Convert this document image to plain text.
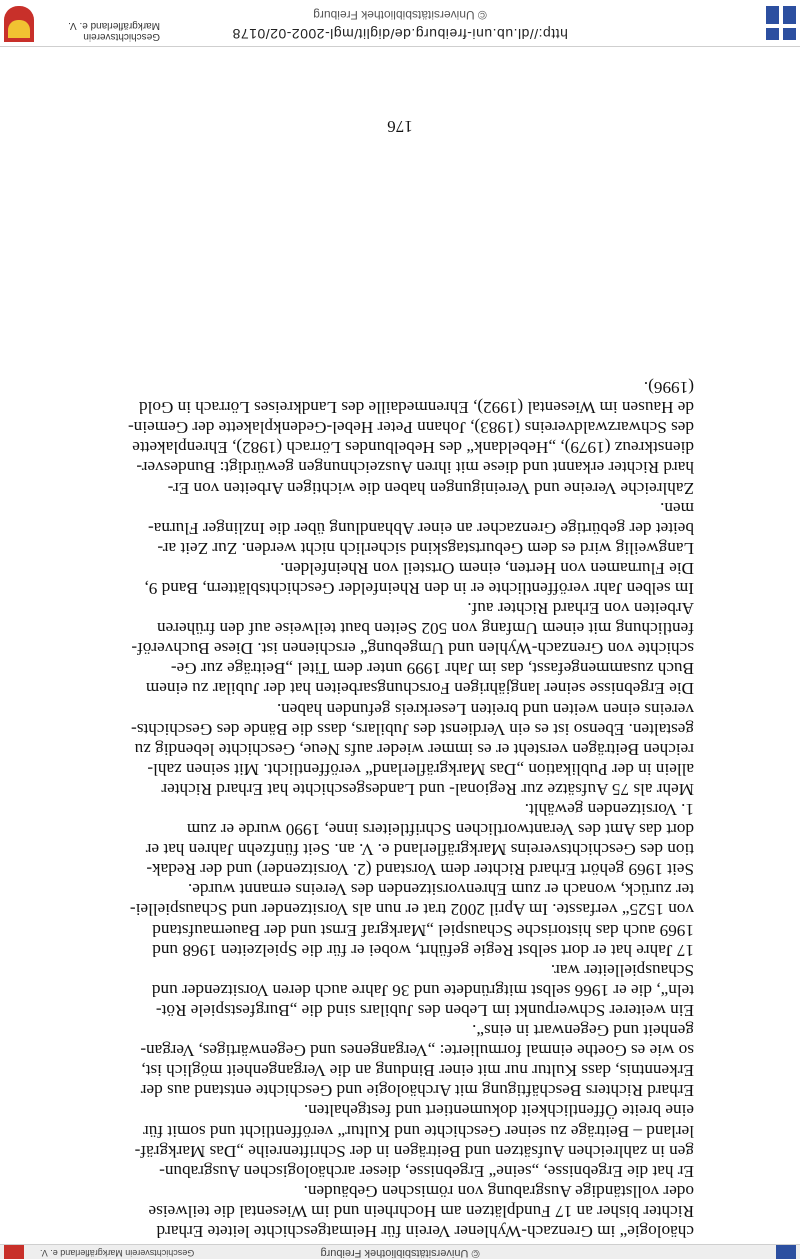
© Universitätsbibliothek Freiburg
Geschichtsverein Markgräflerland e. V.
chäologie“ im Grenzach-Wyhlener Verein für Heimatgeschichte leitete Erhard
Richter bisher an 17 Fundplätzen am Hochrhein und im Wiesental die teilweise
oder vollständige Ausgrabung von römischen Gebäuden.
Er hat die Ergebnisse, „seine“ Ergebnisse, dieser archäologischen Ausgrabun-
gen in zahlreichen Aufsätzen und Beiträgen in der Schriftenreihe „Das Markgräf-
lerland – Beiträge zu seiner Geschichte und Kultur“ veröffentlicht und somit für
eine breite Öffentlichkeit dokumentiert und festgehalten.
Erhard Richters Beschäftigung mit Archäologie und Geschichte entstand aus der
Erkenntnis, dass Kultur nur mit einer Bindung an die Vergangenheit möglich ist,
so wie es Goethe einmal formulierte: „Vergangenes und Gegenwärtiges, Vergan-
genheit und Gegenwart in eins“.
Ein weiterer Schwerpunkt im Leben des Jubilars sind die „Burgfestspiele Röt-
teln“, die er 1966 selbst mitgründete und 36 Jahre auch deren Vorsitzender und
Schauspielleiter war.
17 Jahre hat er dort selbst Regie geführt, wobei er für die Spielzeiten 1968 und
1969 auch das historische Schauspiel „Markgraf Ernst und der Bauernaufstand
von 1525“ verfasste. Im April 2002 trat er nun als Vorsitzender und Schauspiellei-
ter zurück, wonach er zum Ehrenvorsitzenden des Vereins ernannt wurde.
Seit 1969 gehört Erhard Richter dem Vorstand (2. Vorsitzender) und der Redak-
tion des Geschichtsvereins Markgräflerland e. V. an. Seit fünfzehn Jahren hat er
dort das Amt des Verantwortlichen Schriftleiters inne, 1990 wurde er zum
1. Vorsitzenden gewählt.
Mehr als 75 Aufsätze zur Regional- und Landesgeschichte hat Erhard Richter
allein in der Publikation „Das Markgräflerland“ veröffentlicht. Mit seinen zahl-
reichen Beiträgen versteht er es immer wieder aufs Neue, Geschichte lebendig zu
gestalten. Ebenso ist es ein Verdienst des Jubilars, dass die Bände des Geschichts-
vereins einen weiten und breiten Leserkreis gefunden haben.
Die Ergebnisse seiner langjährigen Forschungsarbeiten hat der Jubilar zu einem
Buch zusammengefasst, das im Jahr 1999 unter dem Titel „Beiträge zur Ge-
schichte von Grenzach-Wyhlen und Umgebung“ erschienen ist. Diese Buchveröf-
fentlichung mit einem Umfang von 502 Seiten baut teilweise auf den früheren
Arbeiten von Erhard Richter auf.
Im selben Jahr veröffentlichte er in den Rheinfelder Geschichtsblättern, Band 9,
Die Flurnamen von Herten, einem Ortsteil von Rheinfelden.
Langweilig wird es dem Geburtstagskind sicherlich nicht werden. Zur Zeit ar-
beitet der gebürtige Grenzacher an einer Abhandlung über die Inzlinger Flurna-
men.
Zahlreiche Vereine und Vereinigungen haben die wichtigen Arbeiten von Er-
hard Richter erkannt und diese mit ihren Auszeichnungen gewürdigt: Bundesver-
dienstkreuz (1979), „Hebeldank“ des Hebelbundes Lörrach (1982), Ehrenplakette
des Schwarzwaldvereins (1983), Johann Peter Hebel-Gedenkplakette der Gemein-
de Hausen im Wiesental (1992), Ehrenmedaille des Landkreises Lörrach in Gold
(1996).
176
http://dl.ub.uni-freiburg.de/diglit/mgl-2002-02/0178
© Universitätsbibliothek Freiburg
Geschichtsverein
Markgräflerland e. V.
